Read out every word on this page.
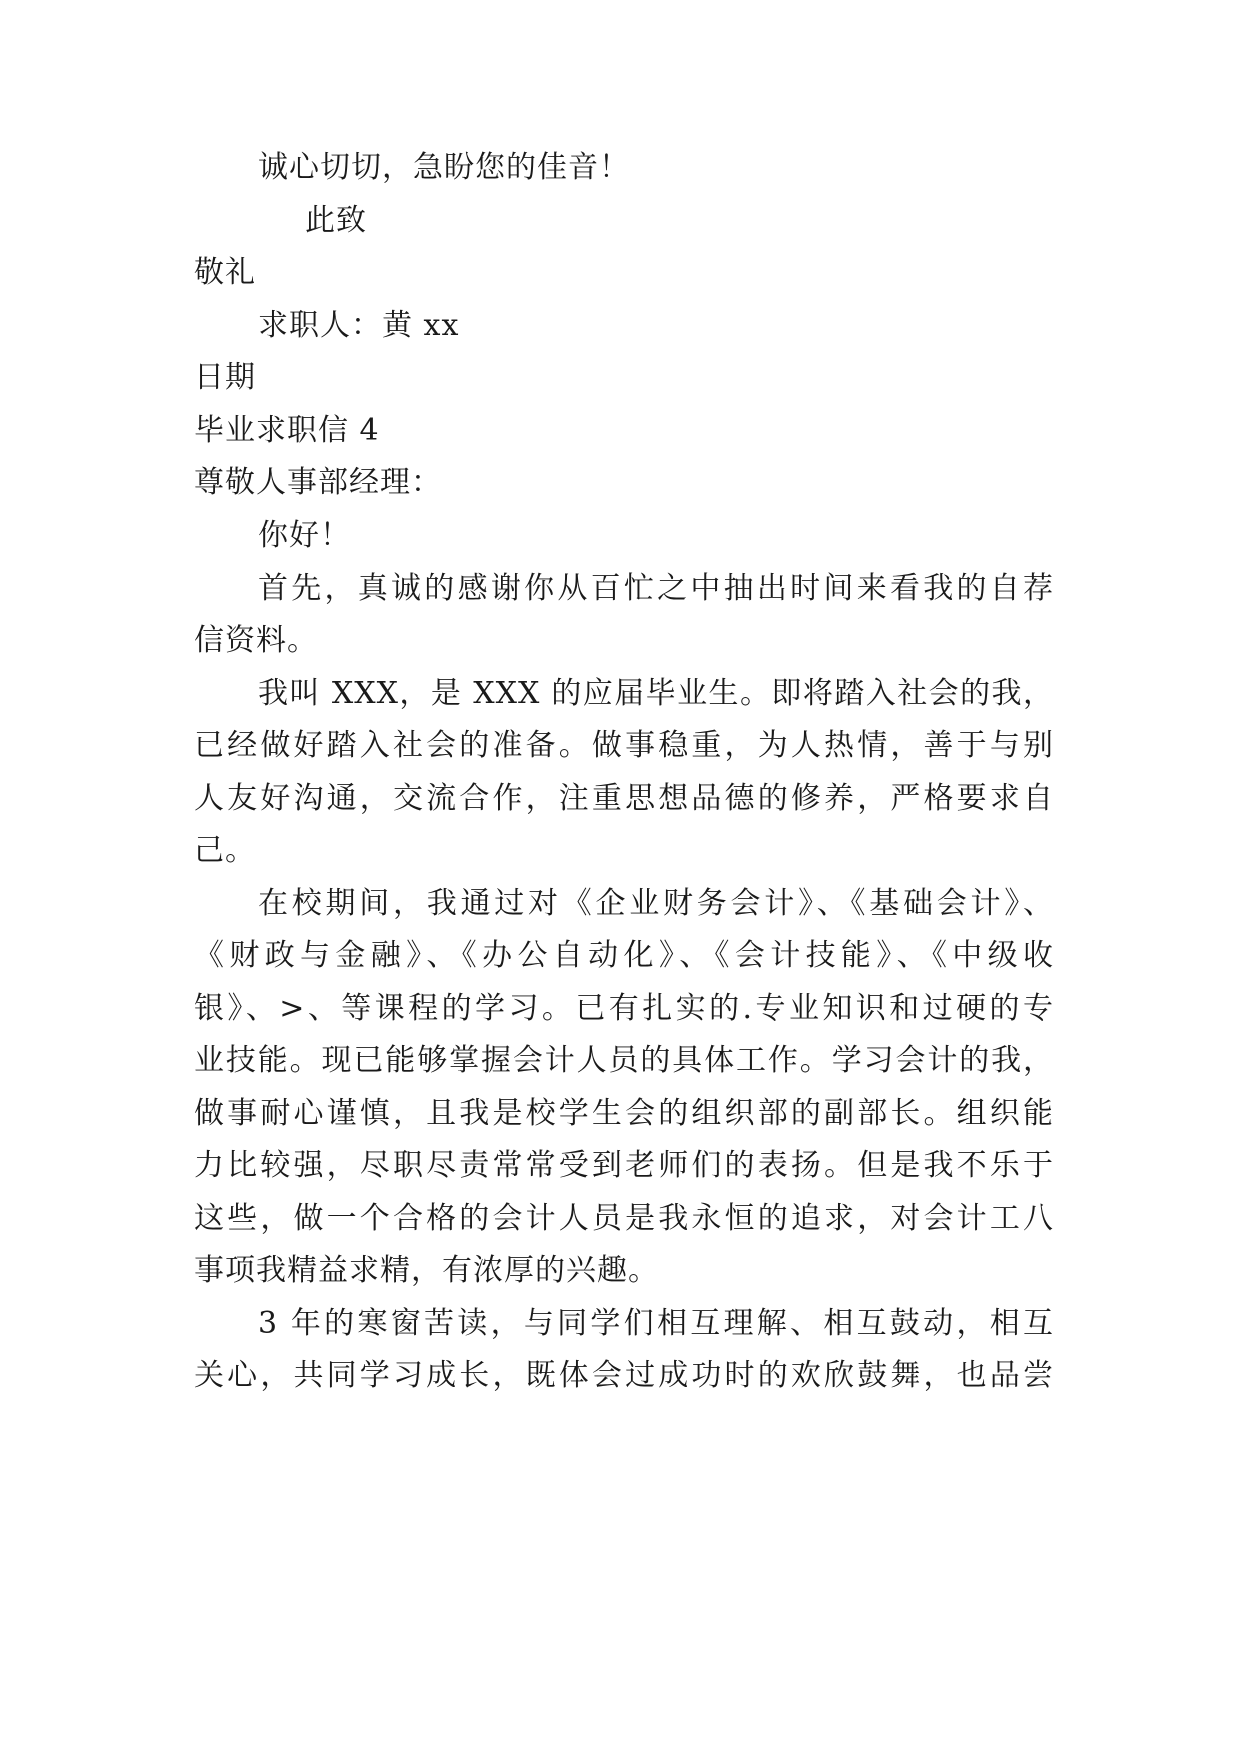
诚心切切，急盼您的佳音！

此致

敬礼

求职人：黄 xx

日期

毕业求职信 4

尊敬人事部经理：

你好！

首先，真诚的感谢你从百忙之中抽出时间来看我的自荐

信资料。

我叫 XXX，是 XXX 的应届毕业生。即将踏入社会的我，

已经做好踏入社会的准备。做事稳重，为人热情，善于与别

人友好沟通，交流合作，注重思想品德的修养，严格要求自

己。

在校期间，我通过对《企业财务会计》、《基础会计》、

《财政与金融》、《办公自动化》、《会计技能》、《中级收

银》、>、等课程的学习。已有扎实的.专业知识和过硬的专

业技能。现已能够掌握会计人员的具体工作。学习会计的我，

做事耐心谨慎，且我是校学生会的组织部的副部长。组织能

力比较强，尽职尽责常常受到老师们的表扬。但是我不乐于

这些，做一个合格的会计人员是我永恒的追求，对会计工八

事项我精益求精，有浓厚的兴趣。

3 年的寒窗苦读，与同学们相互理解、相互鼓动，相互

关心，共同学习成长，既体会过成功时的欢欣鼓舞，也品尝
